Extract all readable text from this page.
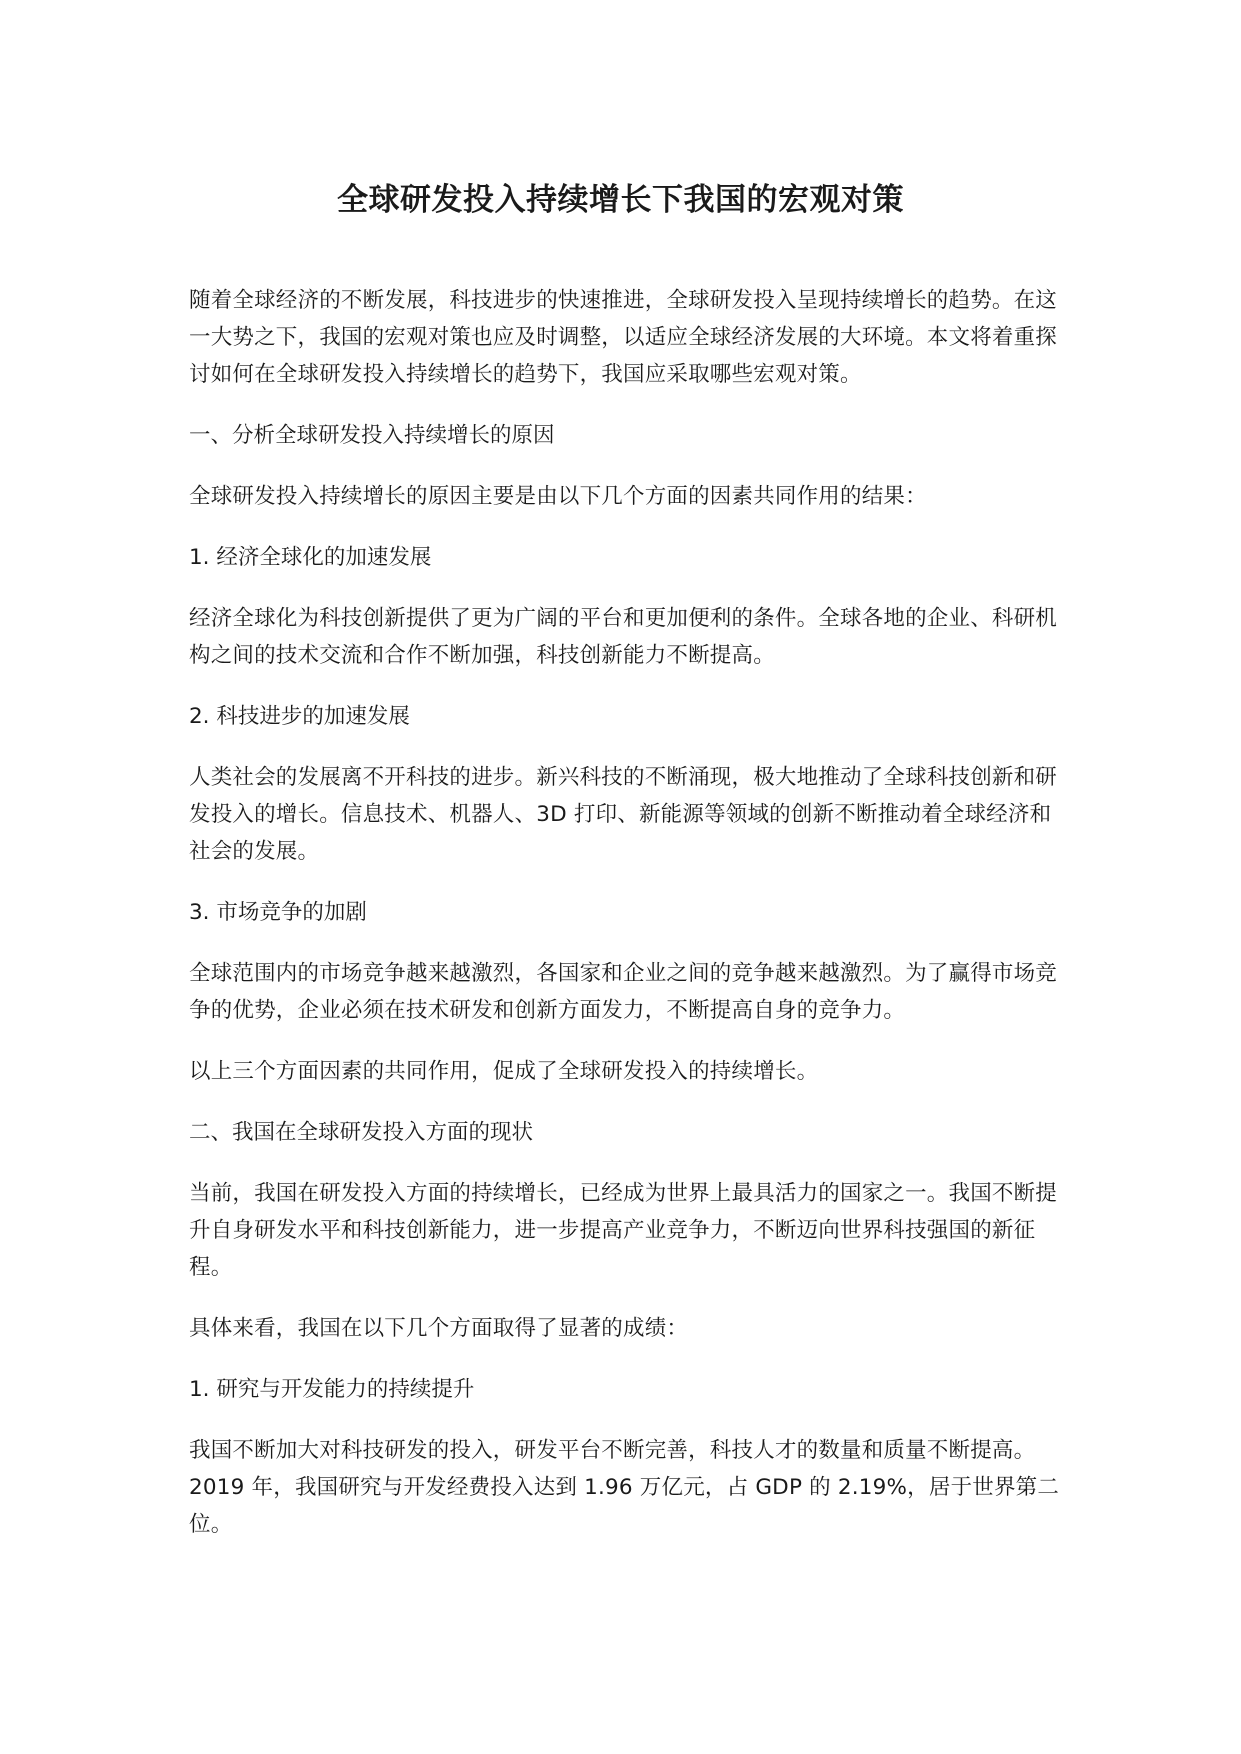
全球研发投入持续增长下我国的宏观对策

随着全球经济的不断发展，科技进步的快速推进，全球研发投入呈现持续增长的趋势。在这一大势之下，我国的宏观对策也应及时调整，以适应全球经济发展的大环境。本文将着重探讨如何在全球研发投入持续增长的趋势下，我国应采取哪些宏观对策。

一、分析全球研发投入持续增长的原因

全球研发投入持续增长的原因主要是由以下几个方面的因素共同作用的结果：

1. 经济全球化的加速发展

经济全球化为科技创新提供了更为广阔的平台和更加便利的条件。全球各地的企业、科研机构之间的技术交流和合作不断加强，科技创新能力不断提高。

2. 科技进步的加速发展

人类社会的发展离不开科技的进步。新兴科技的不断涌现，极大地推动了全球科技创新和研发投入的增长。信息技术、机器人、3D 打印、新能源等领域的创新不断推动着全球经济和社会的发展。

3. 市场竞争的加剧

全球范围内的市场竞争越来越激烈，各国家和企业之间的竞争越来越激烈。为了赢得市场竞争的优势，企业必须在技术研发和创新方面发力，不断提高自身的竞争力。

以上三个方面因素的共同作用，促成了全球研发投入的持续增长。

二、我国在全球研发投入方面的现状

当前，我国在研发投入方面的持续增长，已经成为世界上最具活力的国家之一。我国不断提升自身研发水平和科技创新能力，进一步提高产业竞争力，不断迈向世界科技强国的新征程。

具体来看，我国在以下几个方面取得了显著的成绩：

1. 研究与开发能力的持续提升

我国不断加大对科技研发的投入，研发平台不断完善，科技人才的数量和质量不断提高。2019 年，我国研究与开发经费投入达到 1.96 万亿元，占 GDP 的 2.19%，居于世界第二位。
